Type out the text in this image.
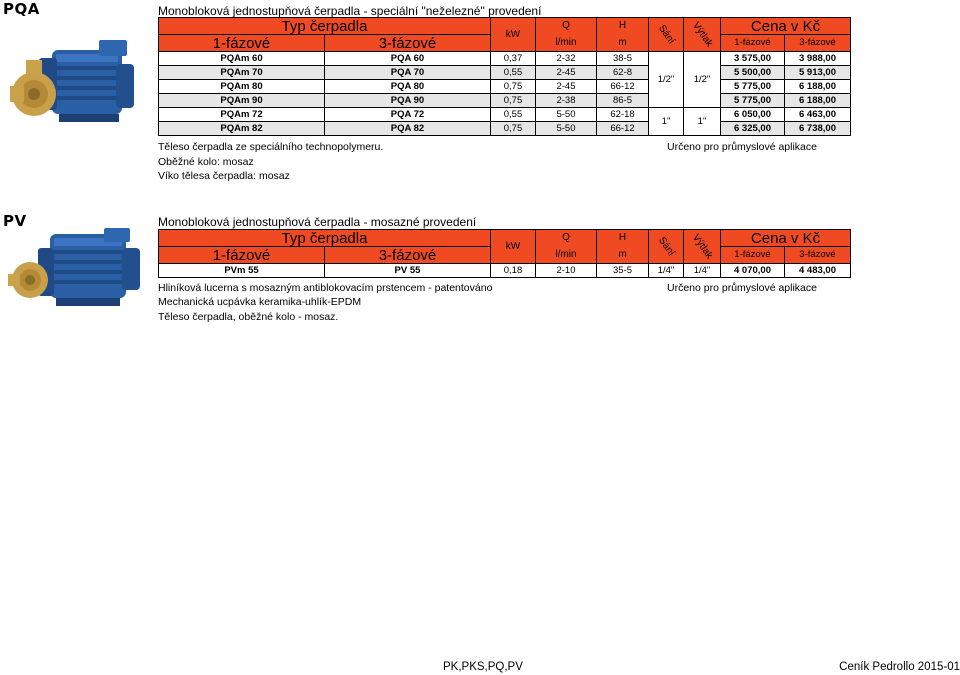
PQA	Monobloková jednostupňová čerpadla - speciální "neželezné" provedení
Typ čerpadla		kW	Q	H	Sání	Výtlak	Cena v Kč	
1-fázové	3-fázové		l/min	m			1-fázové	3-fázové
PQAm 60	PQA 60	0,37	2-32	38-5	1/2"	1/2"	3 575,00	3 988,00
PQAm 70	PQA 70	0,55	2-45	62-8			5 500,00	5 913,00
PQAm 80	PQA 80	0,75	2-45	66-12			5 775,00	6 188,00
PQAm 90	PQA 90	0,75	2-38	86-5			5 775,00	6 188,00
PQAm 72	PQA 72	0,55	5-50	62-18	1"	1"	6 050,00	6 463,00
PQAm 82	PQA 82	0,75	5-50	66-12			6 325,00	6 738,00
Těleso čerpadla ze speciálního technopolymeru.
Oběžné kolo: mosaz
Víko tělesa čerpadla: mosaz
Určeno pro průmyslové aplikace
PV	Monobloková jednostupňová čerpadla - mosazné provedení
Typ čerpadla		kW	Q	H	Sání	Výtlak	Cena v Kč	
1-fázové	3-fázové		l/min	m			1-fázové	3-fázové
PVm 55	PV 55	0,18	2-10	35-5	1/4"	1/4"	4 070,00	4 483,00
Hliníková lucerna s mosazným antiblokovacím prstencem - patentováno
Mechanická ucpávka keramika-uhlík-EPDM
Těleso čerpadla, oběžné kolo - mosaz.
Určeno pro průmyslové aplikace
PK,PKS,PQ,PV	Ceník Pedrollo 2015-01
